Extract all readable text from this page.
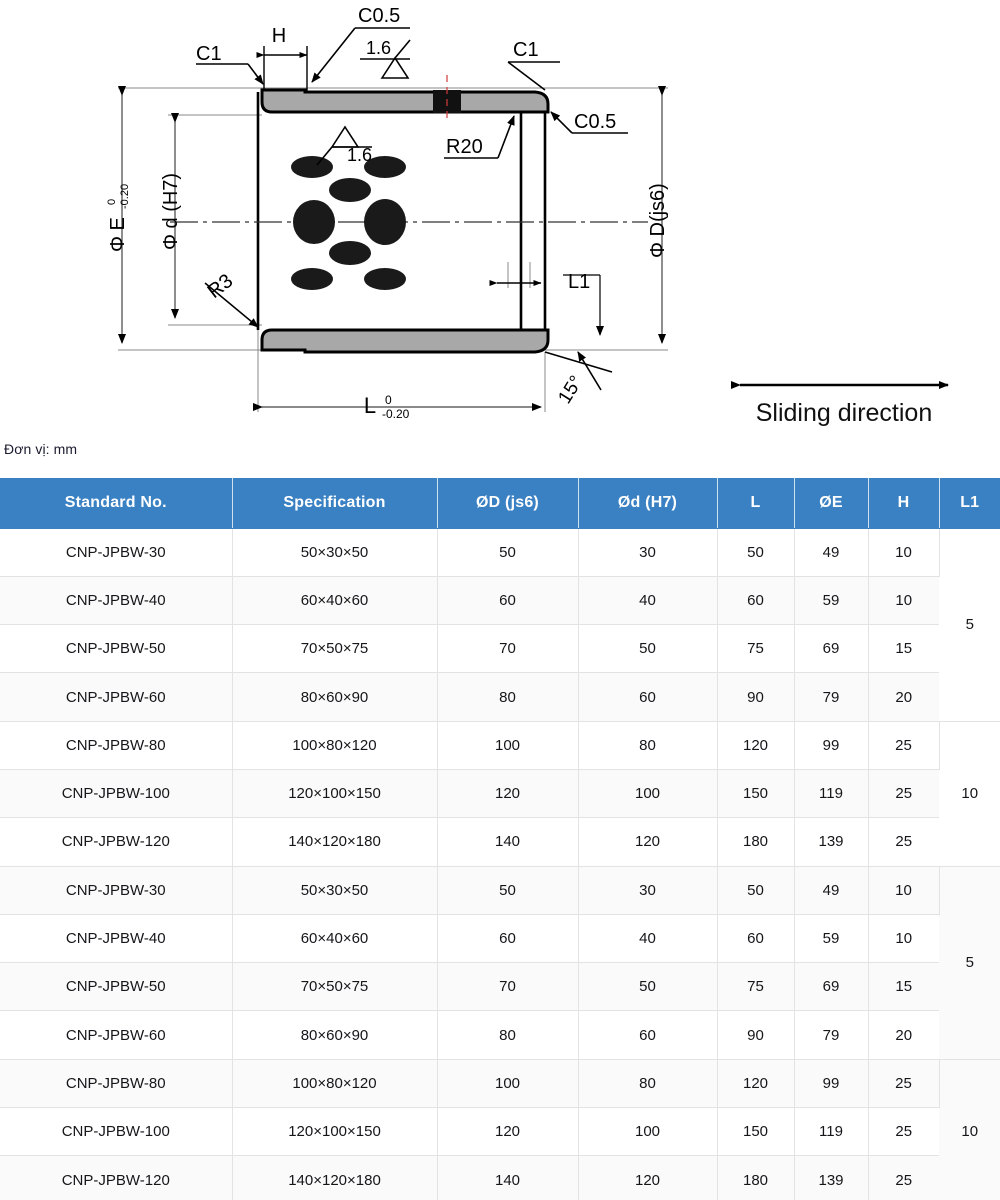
C1
C0.5
H
1.6
1.6
C1
C0.5
R20
R3	L1
15°
Φ E
0 -0.20 Φ d (H7)	Φ D(js6)
L 0
-0.20	Sliding direction
Đơn vị: mm
Standard No.	Specification	ØD (js6)	Ød (H7)	L	ØE	H	L1
CNP-JPBW-30	50×30×50	50	30	50	49	10	5
CNP-JPBW-40	60×40×60	60	40	60	59	10	
CNP-JPBW-50	70×50×75	70	50	75	69	15	
CNP-JPBW-60	80×60×90	80	60	90	79	20	
CNP-JPBW-80	100×80×120	100	80	120	99	25	10
CNP-JPBW-100	120×100×150	120	100	150	119	25	
CNP-JPBW-120	140×120×180	140	120	180	139	25	
CNP-JPBW-30	50×30×50	50	30	50	49	10	5
CNP-JPBW-40	60×40×60	60	40	60	59	10	
CNP-JPBW-50	70×50×75	70	50	75	69	15	
CNP-JPBW-60	80×60×90	80	60	90	79	20	
CNP-JPBW-80	100×80×120	100	80	120	99	25	10
CNP-JPBW-100	120×100×150	120	100	150	119	25	
CNP-JPBW-120	140×120×180	140	120	180	139	25	
